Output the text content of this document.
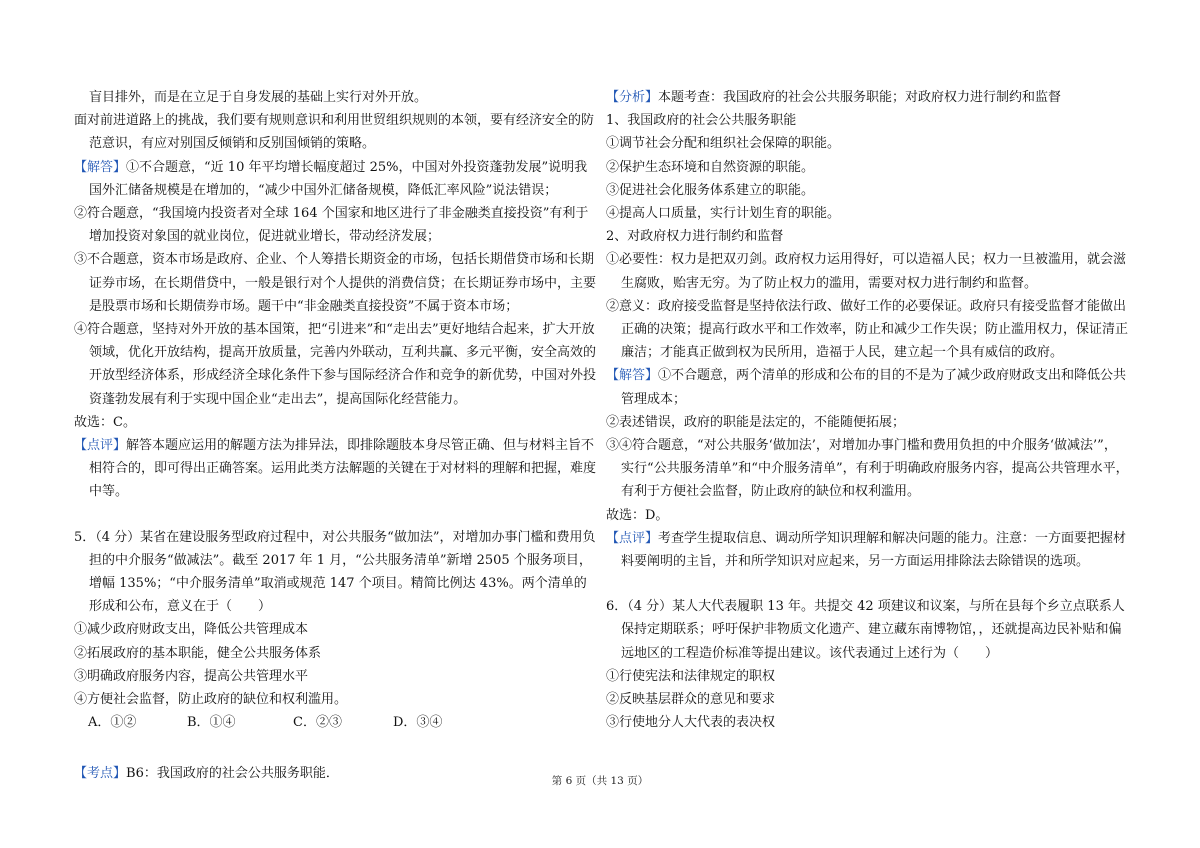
盲目排外，而是在立足于自身发展的基础上实行对外开放。

面对前进道路上的挑战，我们要有规则意识和利用世贸组织规则的本领，要有经济安全的防范意识，有应对别国反倾销和反别国倾销的策略。

【解答】①不合题意，“近 10 年平均增长幅度超过 25%，中国对外投资蓬勃发展”说明我国外汇储备规模是在增加的，“减少中国外汇储备规模，降低汇率风险”说法错误；

②符合题意，“我国境内投资者对全球 164 个国家和地区进行了非金融类直接投资”有利于增加投资对象国的就业岗位，促进就业增长，带动经济发展；

③不合题意，资本市场是政府、企业、个人筹措长期资金的市场，包括长期借贷市场和长期证券市场，在长期借贷中，一般是银行对个人提供的消费信贷；在长期证券市场中，主要是股票市场和长期债券市场。题干中“非金融类直接投资”不属于资本市场；

④符合题意，坚持对外开放的基本国策，把“引进来”和“走出去”更好地结合起来，扩大开放领域，优化开放结构，提高开放质量，完善内外联动，互利共赢、多元平衡，安全高效的开放型经济体系，形成经济全球化条件下参与国际经济合作和竞争的新优势，中国对外投资蓬勃发展有利于实现中国企业“走出去”，提高国际化经营能力。

故选：C。

【点评】解答本题应运用的解题方法为排异法，即排除题肢本身尽管正确、但与材料主旨不相符合的，即可得出正确答案。运用此类方法解题的关键在于对材料的理解和把握，难度中等。

5．（4 分）某省在建设服务型政府过程中，对公共服务“做加法”，对增加办事门槛和费用负担的中介服务“做减法”。截至 2017 年 1 月，“公共服务清单”新增 2505 个服务项目，增幅 135%；“中介服务清单”取消或规范 147 个项目。精简比例达 43%。两个清单的形成和公布，意义在于（　　）

①减少政府财政支出，降低公共管理成本

②拓展政府的基本职能，健全公共服务体系

③明确政府服务内容，提高公共管理水平

④方便社会监督，防止政府的缺位和权利滥用。

A．①②	B．①④	C．②③	D．③④

【考点】B6：我国政府的社会公共服务职能．

【分析】本题考查：我国政府的社会公共服务职能；对政府权力进行制约和监督

1、我国政府的社会公共服务职能

①调节社会分配和组织社会保障的职能。

②保护生态环境和自然资源的职能。

③促进社会化服务体系建立的职能。

④提高人口质量，实行计划生育的职能。

2、对政府权力进行制约和监督

①必要性：权力是把双刃剑。政府权力运用得好，可以造福人民；权力一旦被滥用，就会滋生腐败，贻害无穷。为了防止权力的滥用，需要对权力进行制约和监督。

②意义：政府接受监督是坚持依法行政、做好工作的必要保证。政府只有接受监督才能做出正确的决策；提高行政水平和工作效率，防止和减少工作失误；防止滥用权力，保证清正廉洁；才能真正做到权为民所用，造福于人民，建立起一个具有威信的政府。

【解答】①不合题意，两个清单的形成和公布的目的不是为了减少政府财政支出和降低公共管理成本；

②表述错误，政府的职能是法定的，不能随便拓展；

③④符合题意，“对公共服务‘做加法’，对增加办事门槛和费用负担的中介服务‘做减法’”，实行“公共服务清单”和“中介服务清单”，有利于明确政府服务内容，提高公共管理水平，有利于方便社会监督，防止政府的缺位和权利滥用。

故选：D。

【点评】考查学生提取信息、调动所学知识理解和解决问题的能力。注意：一方面要把握材料要阐明的主旨，并和所学知识对应起来，另一方面运用排除法去除错误的选项。

6．（4 分）某人大代表履职 13 年。共提交 42 项建议和议案，与所在县每个乡立点联系人保持定期联系；呼吁保护非物质文化遗产、建立藏东南博物馆，，还就提高边民补贴和偏远地区的工程造价标准等提出建议。该代表通过上述行为（　　）

①行使宪法和法律规定的职权

②反映基层群众的意见和要求

③行使地分人大代表的表决权

第 6 页（共 13 页）
